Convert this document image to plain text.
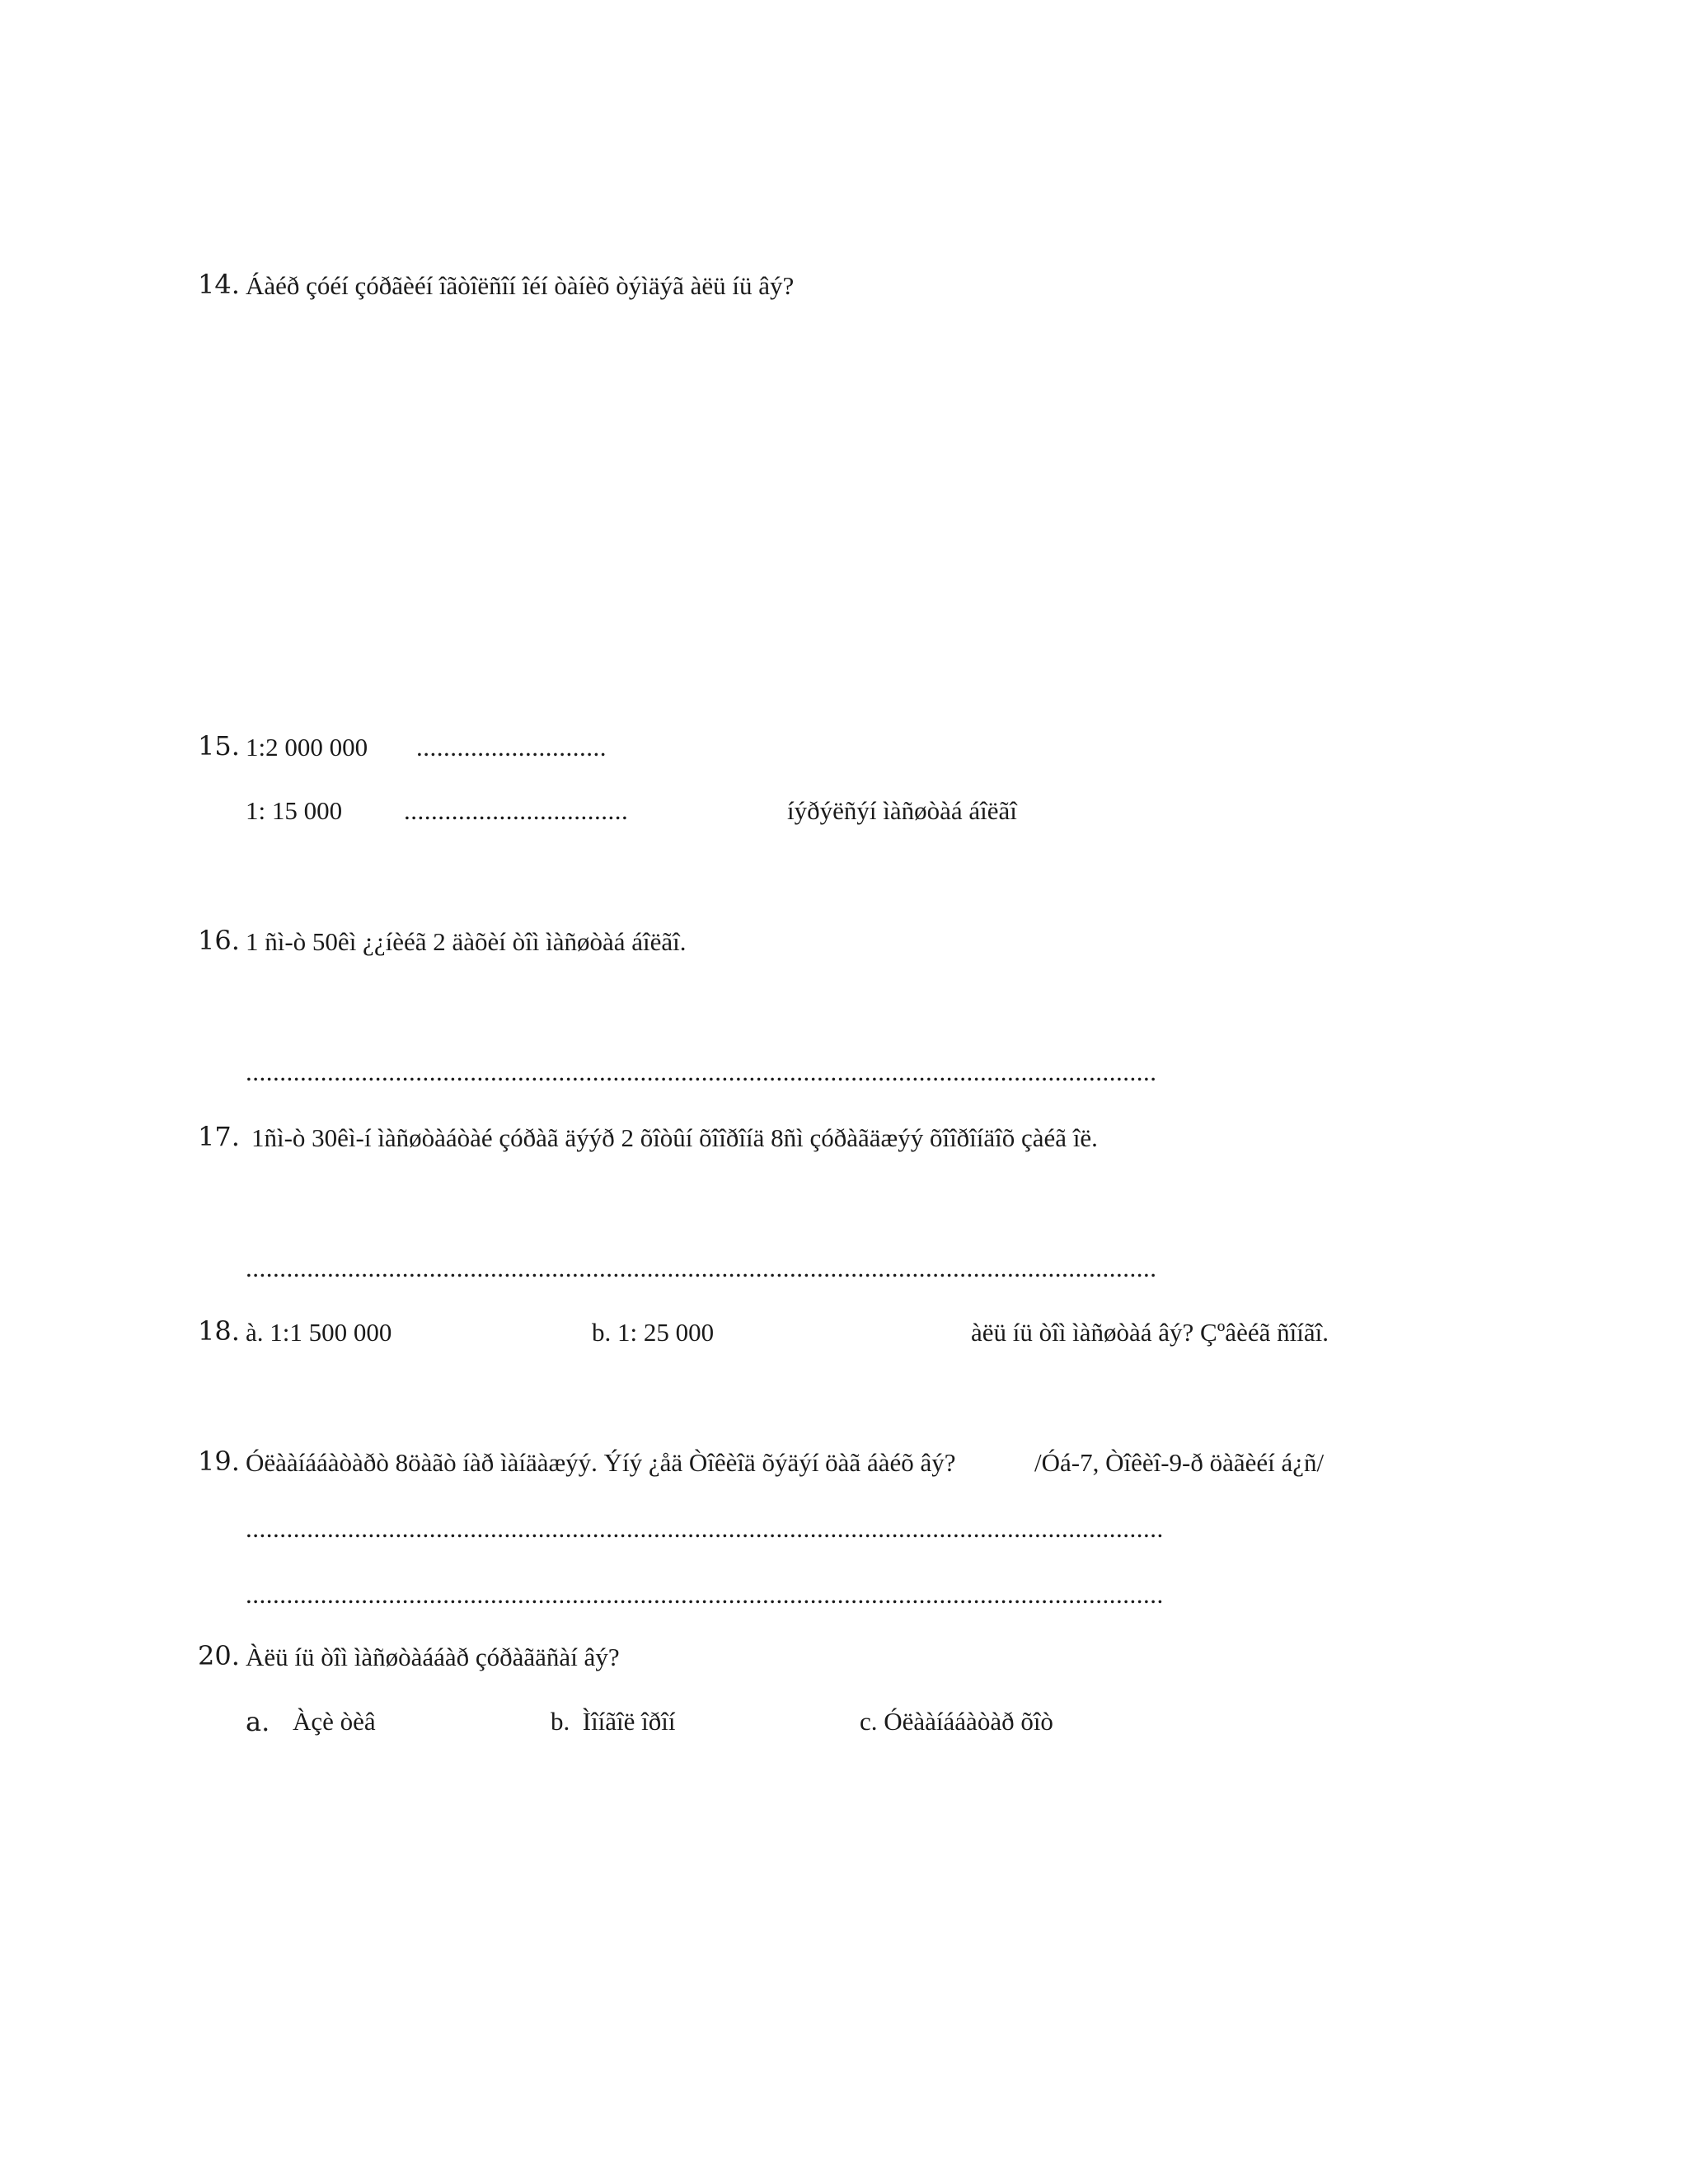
14. Áàéð çóéí çóðãèéí îãòîëñîí îéí òàíèõ òýìäýã àëü íü âý?
15. 1:2 000 000 ............................
1: 15 000 .................................	íýðýëñýí ìàñøòàá áîëãî
16. 1 ñì-ò 50êì ¿¿íèéã 2 äàõèí òîì ìàñøòàá áîëãî.
......................................................................................................................................
17. 1ñì-ò 30êì-í ìàñøòàáòàé çóðàã äýýð 2 õîòûí õîîðîíä 8ñì çóðàãäæýý õîîðîíäîõ çàéã îë.
......................................................................................................................................
18. à. 1:1 500 000	b. 1: 25 000	àëü íü òîì ìàñøòàá âý? Çºâèéã ñîíãî.
19. Óëààíááàòàðò 8öàãò íàð ìàíäàæýý. Ýíý ¿åä Òîêèîä õýäýí öàã áàéõ âý?	/Óá-7, Òîêèî-9-ð öàãèéí á¿ñ/
.......................................................................................................................................
.......................................................................................................................................
20. Àëü íü òîì ìàñøòàááàð çóðàãäñàí âý?
a. Àçè òèâ	b.  Ìîíãîë îðîí	c. Óëààíááàòàð õîò
